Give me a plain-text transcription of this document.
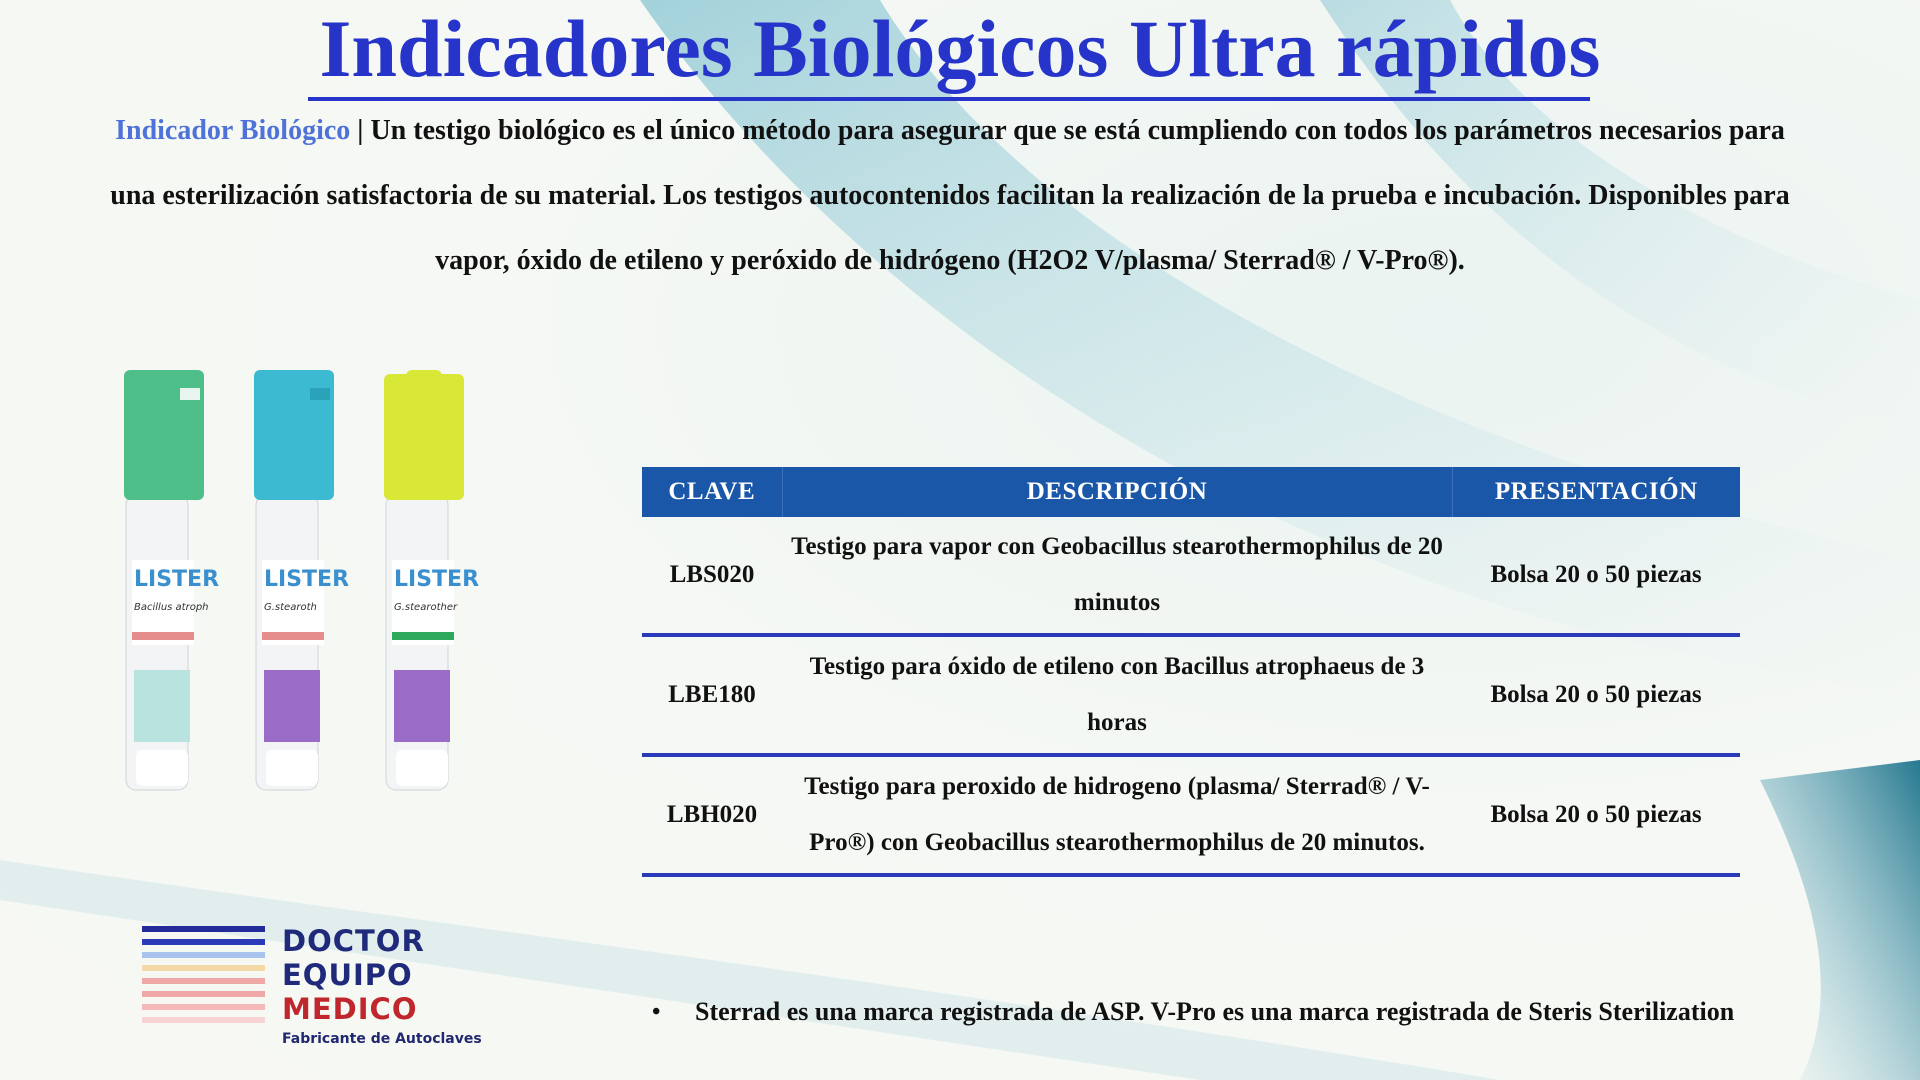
Indicadores Biológicos Ultra rápidos

Indicador Biológico | Un testigo biológico es el único método para asegurar que se está cumpliendo con todos los parámetros necesarios para una esterilización satisfactoria de su material. Los testigos autocontenidos facilitan la realización de la prueba e incubación. Disponibles para vapor, óxido de etileno y peróxido de hidrógeno (H2O2 V/plasma/ Sterrad® / V-Pro®).

LISTER
Bacillus atroph
LISTER
G.stearoth
LISTER
G.stearother
CLAVE	DESCRIPCIÓN	PRESENTACIÓN
LBS020	Testigo para vapor con Geobacillus stearothermophilus de 20 minutos	Bolsa 20 o 50 piezas
LBE180	Testigo para óxido de etileno con Bacillus atrophaeus de 3 horas	Bolsa 20 o 50 piezas
LBH020	Testigo para peroxido de hidrogeno (plasma/ Sterrad® / V-Pro®) con Geobacillus stearothermophilus de 20 minutos.	Bolsa 20 o 50 piezas
DOCTOR
EQUIPO
MEDICO
Fabricante de Autoclaves
• Sterrad es una marca registrada de ASP. V-Pro es una marca registrada de Steris Sterilization
